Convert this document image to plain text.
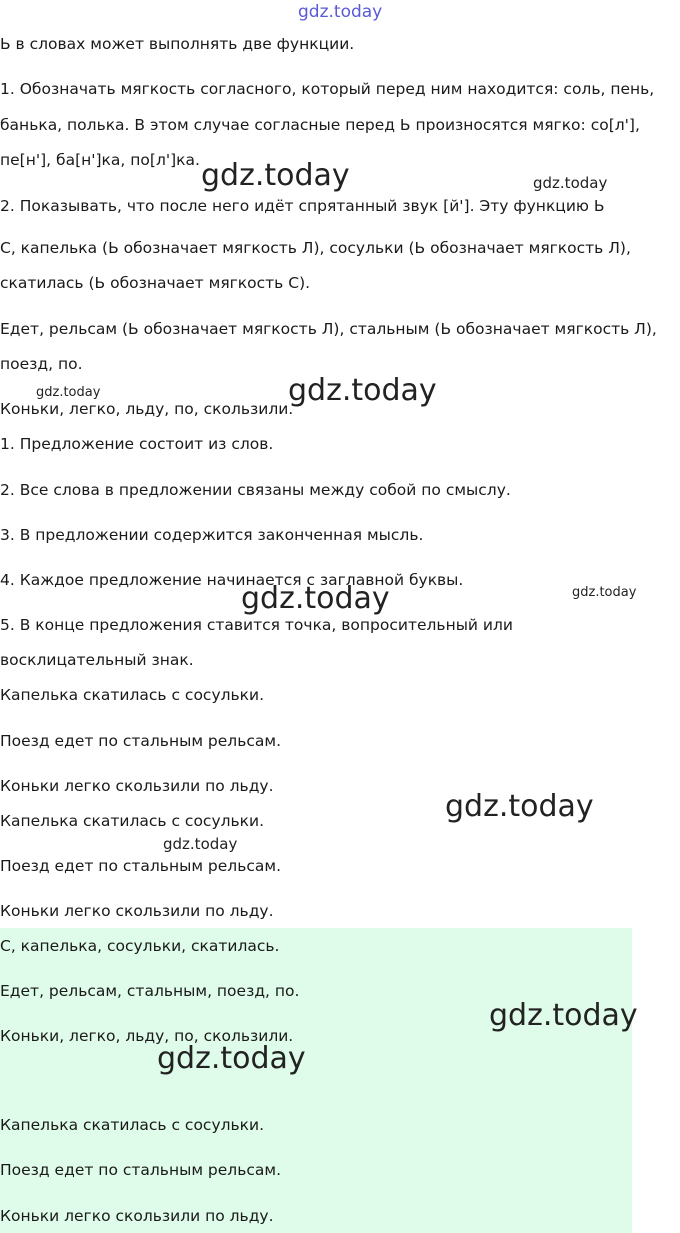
gdz.today
Ь в словах может выполнять две функции.
1. Обозначать мягкость согласного, который перед ним находится: соль, пень,
банька, полька. В этом случае согласные перед Ь произносятся мягко: со[л'],
пе[н'], ба[н']ка, по[л']ка.
2. Показывать, что после него идёт спрятанный звук [й']. Эту функцию Ь
С, капелька (Ь обозначает мягкость Л), сосульки (Ь обозначает мягкость Л),
скатилась (Ь обозначает мягкость С).
Едет, рельсам (Ь обозначает мягкость Л), стальным (Ь обозначает мягкость Л),
поезд, по.
Коньки, легко, льду, по, скользили.
1. Предложение состоит из слов.
2. Все слова в предложении связаны между собой по смыслу.
3. В предложении содержится законченная мысль.
4. Каждое предложение начинается с заглавной буквы.
5. В конце предложения ставится точка, вопросительный или
восклицательный знак.
Капелька скатилась с сосульки.
Поезд едет по стальным рельсам.
Коньки легко скользили по льду.
Капелька скатилась с сосульки.
Поезд едет по стальным рельсам.
Коньки легко скользили по льду.
С, капелька, сосульки, скатилась.
Едет, рельсам, стальным, поезд, по.
Коньки, легко, льду, по, скользили.
Капелька скатилась с сосульки.
Поезд едет по стальным рельсам.
Коньки легко скользили по льду.
gdz.today	gdz.today
gdz.today	gdz.today
gdz.today	gdz.today
gdz.today
gdz.today
gdz.today
gdz.today
